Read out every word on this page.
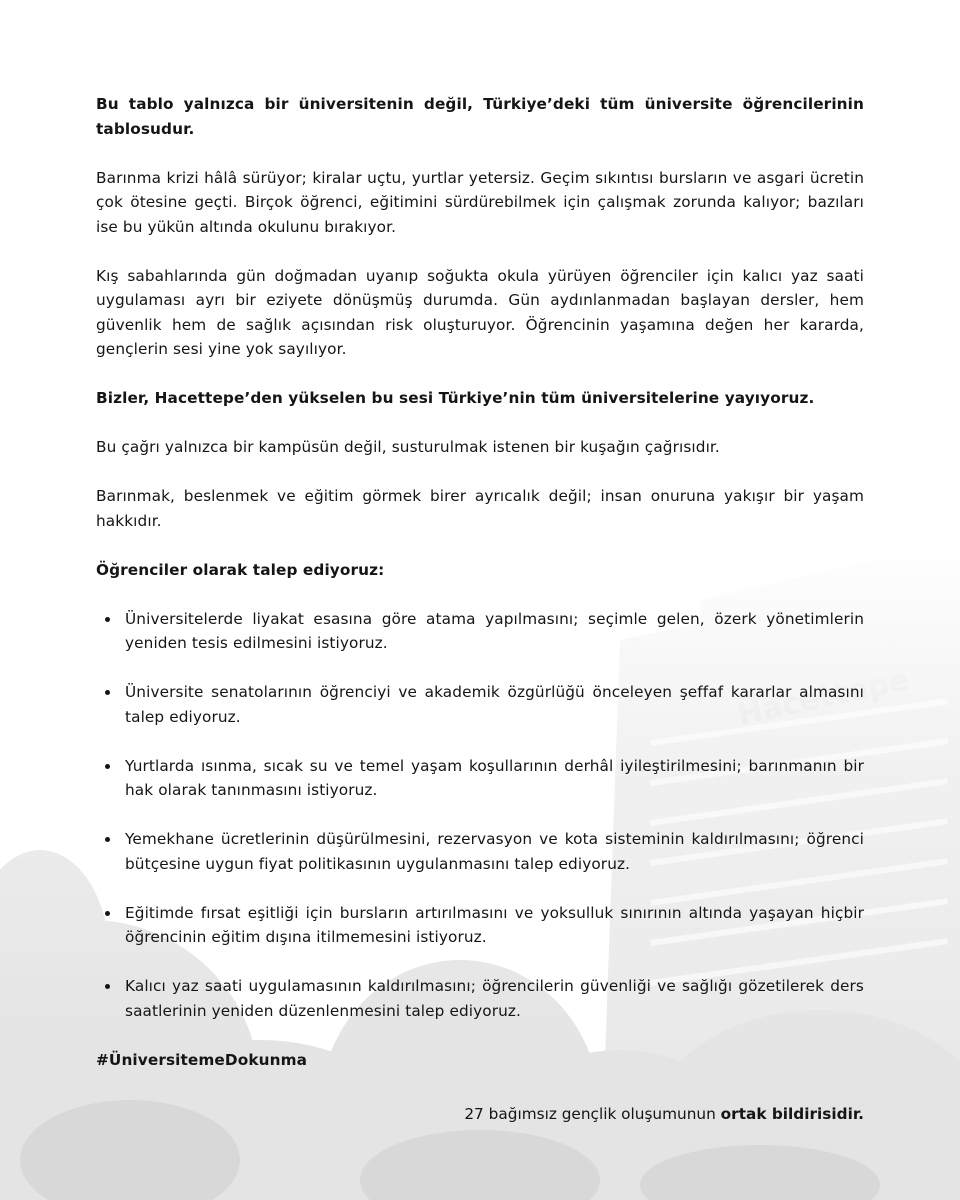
Bu tablo yalnızca bir üniversitenin değil, Türkiye’deki tüm üniversite öğrencilerinin tablosudur.

Barınma krizi hâlâ sürüyor; kiralar uçtu, yurtlar yetersiz. Geçim sıkıntısı bursların ve asgari ücretin çok ötesine geçti. Birçok öğrenci, eğitimini sürdürebilmek için çalışmak zorunda kalıyor; bazıları ise bu yükün altında okulunu bırakıyor.

Kış sabahlarında gün doğmadan uyanıp soğukta okula yürüyen öğrenciler için kalıcı yaz saati uygulaması ayrı bir eziyete dönüşmüş durumda. Gün aydınlanmadan başlayan dersler, hem güvenlik hem de sağlık açısından risk oluşturuyor. Öğrencinin yaşamına değen her kararda, gençlerin sesi yine yok sayılıyor.

Bizler, Hacettepe’den yükselen bu sesi Türkiye’nin tüm üniversitelerine yayıyoruz.

Bu çağrı yalnızca bir kampüsün değil, susturulmak istenen bir kuşağın çağrısıdır.

Barınmak, beslenmek ve eğitim görmek birer ayrıcalık değil; insan onuruna yakışır bir yaşam hakkıdır.

Öğrenciler olarak talep ediyoruz:

Üniversitelerde liyakat esasına göre atama yapılmasını; seçimle gelen, özerk yönetimlerin yeniden tesis edilmesini istiyoruz.
Üniversite senatolarının öğrenciyi ve akademik özgürlüğü önceleyen şeffaf kararlar almasını talep ediyoruz.
Yurtlarda ısınma, sıcak su ve temel yaşam koşullarının derhâl iyileştirilmesini; barınmanın bir hak olarak tanınmasını istiyoruz.
Yemekhane ücretlerinin düşürülmesini, rezervasyon ve kota sisteminin kaldırılmasını; öğrenci bütçesine uygun fiyat politikasının uygulanmasını talep ediyoruz.
Eğitimde fırsat eşitliği için bursların artırılmasını ve yoksulluk sınırının altında yaşayan hiçbir öğrencinin eğitim dışına itilmemesini istiyoruz.
Kalıcı yaz saati uygulamasının kaldırılmasını; öğrencilerin güvenliği ve sağlığı gözetilerek ders saatlerinin yeniden düzenlenmesini talep ediyoruz.

#ÜniversitemeDokunma

27 bağımsız gençlik oluşumunun ortak bildirisidir.
